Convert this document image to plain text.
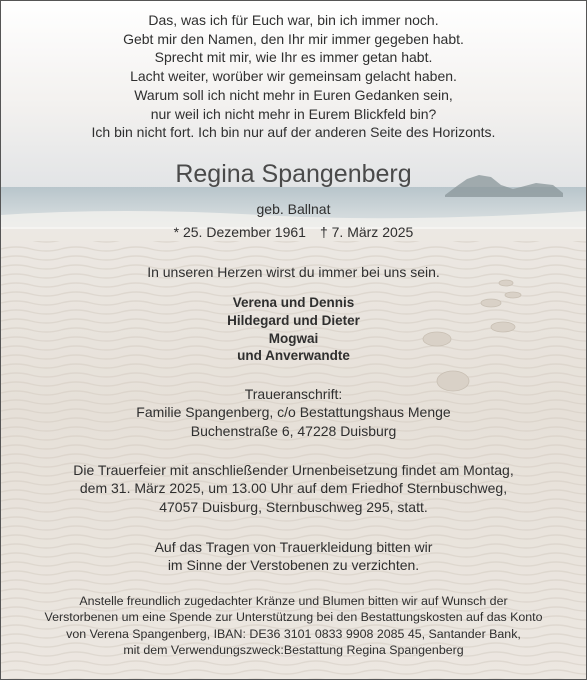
Das, was ich für Euch war, bin ich immer noch.
Gebt mir den Namen, den Ihr mir immer gegeben habt.
Sprecht mit mir, wie Ihr es immer getan habt.
Lacht weiter, worüber wir gemeinsam gelacht haben.
Warum soll ich nicht mehr in Euren Gedanken sein,
nur weil ich nicht mehr in Eurem Blickfeld bin?
Ich bin nicht fort. Ich bin nur auf der anderen Seite des Horizonts.
Regina Spangenberg
geb. Ballnat
* 25. Dezember 1961 † 7. März 2025
In unseren Herzen wirst du immer bei uns sein.
Verena und Dennis
Hildegard und Dieter
Mogwai
und Anverwandte
Traueranschrift:
Familie Spangenberg, c/o Bestattungshaus Menge
Buchenstraße 6, 47228 Duisburg
Die Trauerfeier mit anschließender Urnenbeisetzung findet am Montag,
dem 31. März 2025, um 13.00 Uhr auf dem Friedhof Sternbuschweg,
47057 Duisburg, Sternbuschweg 295, statt.
Auf das Tragen von Trauerkleidung bitten wir
im Sinne der Verstobenen zu verzichten.
Anstelle freundlich zugedachter Kränze und Blumen bitten wir auf Wunsch der
Verstorbenen um eine Spende zur Unterstützung bei den Bestattungskosten auf das Konto
von Verena Spangenberg, IBAN: DE36 3101 0833 9908 2085 45, Santander Bank,
mit dem Verwendungszweck:Bestattung Regina Spangenberg
